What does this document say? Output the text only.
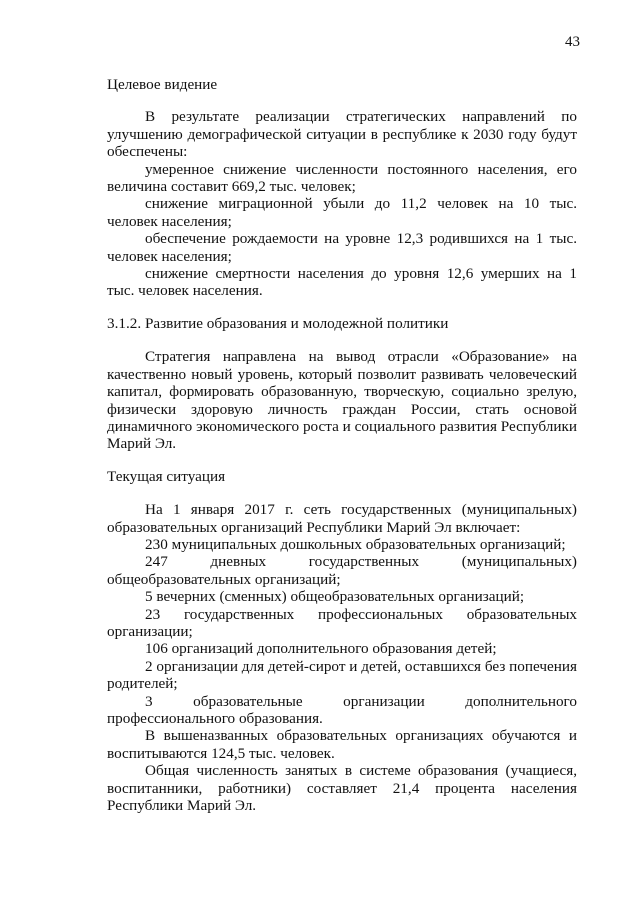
43

Целевое видение

В результате реализации стратегических направлений по улучшению демографической ситуации в республике к 2030 году будут обеспечены:

умеренное снижение численности постоянного населения, его величина составит 669,2 тыс. человек;

снижение миграционной убыли до 11,2 человек на 10 тыс. человек населения;

обеспечение рождаемости на уровне 12,3 родившихся на 1 тыс. человек населения;

снижение смертности населения до уровня 12,6 умерших на 1 тыс. человек населения.

3.1.2. Развитие образования и молодежной политики

Стратегия направлена на вывод отрасли «Образование» на качественно новый уровень, который позволит развивать человеческий капитал, формировать образованную, творческую, социально зрелую, физически здоровую личность граждан России, стать основой динамичного экономического роста и социального развития Республики Марий Эл.

Текущая ситуация

На 1 января 2017 г. сеть государственных (муниципальных) образовательных организаций Республики Марий Эл включает:

230 муниципальных дошкольных образовательных организаций;

247 дневных государственных (муниципальных) общеобразовательных организаций;

5 вечерних (сменных) общеобразовательных организаций;

23 государственных профессиональных образовательных организации;

106 организаций дополнительного образования детей;

2 организации для детей-сирот и детей, оставшихся без попечения родителей;

3 образовательные организации дополнительного профессионального образования.

В вышеназванных образовательных организациях обучаются и воспитываются 124,5 тыс. человек.

Общая численность занятых в системе образования (учащиеся, воспитанники, работники) составляет 21,4 процента населения Республики Марий Эл.
